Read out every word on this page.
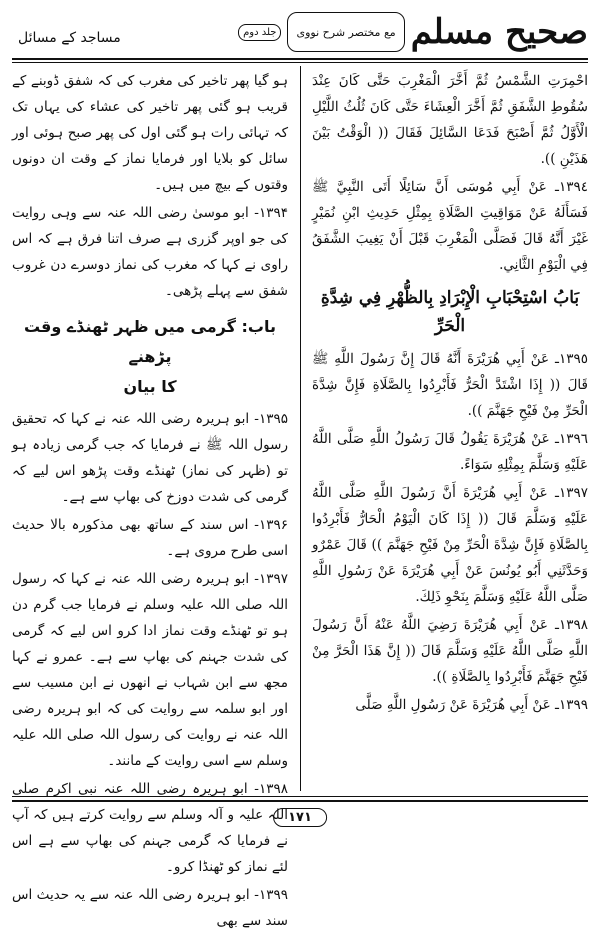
صحیح مسلم
مع مختصر شرح نووی
جلد دوم
مساجد کے مسائل

احْمِرَتِ الشَّمْسُ ثُمَّ أَخَّرَ الْمَغْرِبَ حَتَّى كَانَ عِنْدَ سُقُوطِ الشَّفَقِ ثُمَّ أَخَّرَ الْعِشَاءَ حَتَّى كَانَ ثُلُثُ اللَّيْلِ الْأَوَّلُ ثُمَّ أَصْبَحَ فَدَعَا السَّائِلَ فَقَالَ (( الْوَقْتُ بَيْنَ هَذَيْنِ )).

١٣٩٤ـ عَنْ أَبِي مُوسَى أَنَّ سَائِلًا أَتَى النَّبِيَّ ﷺ فَسَأَلَهُ عَنْ مَوَاقِيتِ الصَّلَاةِ بِمِثْلِ حَدِيثِ ابْنِ نُمَيْرٍ غَيْرَ أَنَّهُ قَالَ فَصَلَّى الْمَغْرِبَ قَبْلَ أَنْ يَغِيبَ الشَّفَقُ فِي الْيَوْمِ الثَّانِي.

بَابُ اسْتِحْبَابِ الْإِبْرَادِ بِالظُّهْرِ فِي شِدَّةِ الْحَرِّ

١٣٩٥ـ عَنْ أَبِي هُرَيْرَةَ أَنَّهُ قَالَ إِنَّ رَسُولَ اللَّهِ ﷺ قَالَ (( إِذَا اشْتَدَّ الْحَرُّ فَأَبْرِدُوا بِالصَّلَاةِ فَإِنَّ شِدَّةَ الْحَرِّ مِنْ فَيْحِ جَهَنَّمَ )).

١٣٩٦ـ عَنْ هُرَيْرَةَ يَقُولُ قَالَ رَسُولُ اللَّهِ صَلَّى اللَّهُ عَلَيْهِ وَسَلَّمَ بِمِثْلِهِ سَوَاءً.

١٣٩٧ـ عَنْ أَبِي هُرَيْرَةَ أَنَّ رَسُولَ اللَّهِ صَلَّى اللَّهُ عَلَيْهِ وَسَلَّمَ قَالَ (( إِذَا كَانَ الْيَوْمُ الْحَارُّ فَأَبْرِدُوا بِالصَّلَاةِ فَإِنَّ شِدَّةَ الْحَرِّ مِنْ فَيْحِ جَهَنَّمَ )) قَالَ عَمْرٌو وَحَدَّثَنِي أَبُو يُونُسَ عَنْ أَبِي هُرَيْرَةَ عَنْ رَسُولِ اللَّهِ صَلَّى اللَّهُ عَلَيْهِ وَسَلَّمَ بِنَحْوِ ذَلِكَ.

١٣٩٨ـ عَنْ أَبِي هُرَيْرَةَ رَضِيَ اللَّهُ عَنْهُ أَنَّ رَسُولَ اللَّهِ صَلَّى اللَّهُ عَلَيْهِ وَسَلَّمَ قَالَ (( إِنَّ هَذَا الْحَرَّ مِنْ فَيْحِ جَهَنَّمَ فَأَبْرِدُوا بِالصَّلَاةِ )).

١٣٩٩ـ عَنْ أَبِي هُرَيْرَةَ عَنْ رَسُولِ اللَّهِ صَلَّى

ہو گیا پھر تاخیر کی مغرب کی کہ شفق ڈوبنے کے قریب ہو گئی پھر تاخیر کی عشاء کی یہاں تک کہ تہائی رات ہو گئی اول کی پھر صبح ہوئی اور سائل کو بلایا اور فرمایا نماز کے وقت ان دونوں وقتوں کے بیچ میں ہیں۔

۱۳۹۴- ابو موسیٰ رضی اللہ عنہ سے وہی روایت کی جو اوپر گزری ہے صرف اتنا فرق ہے کہ اس راوی نے کہا کہ مغرب کی نماز دوسرے دن غروب شفق سے پہلے پڑھی۔

باب: گرمی میں ظہر ٹھنڈے وقت پڑھنے
کا بیان

۱۳۹۵- ابو ہریرہ رضی اللہ عنہ نے کہا کہ تحقیق رسول اللہ ﷺ نے فرمایا کہ جب گرمی زیادہ ہو تو (ظہر کی نماز) ٹھنڈے وقت پڑھو اس لیے کہ گرمی کی شدت دوزخ کی بھاپ سے ہے۔

۱۳۹۶- اس سند کے ساتھ بھی مذکورہ بالا حدیث اسی طرح مروی ہے۔

۱۳۹۷- ابو ہریرہ رضی اللہ عنہ نے کہا کہ رسول اللہ صلی اللہ علیہ وسلم نے فرمایا جب گرم دن ہو تو ٹھنڈے وقت نماز ادا کرو اس لیے کہ گرمی کی شدت جہنم کی بھاپ سے ہے۔ عمرو نے کہا مجھ سے ابن شہاب نے انھوں نے ابن مسیب سے اور ابو سلمہ سے روایت کی کہ ابو ہریرہ رضی اللہ عنہ نے روایت کی رسول اللہ صلی اللہ علیہ وسلم سے اسی روایت کے مانند۔

۱۳۹۸- ابو ہریرہ رضی اللہ عنہ نبی اکرم صلی اللہ علیہ و آلہ وسلم سے روایت کرتے ہیں کہ آپ نے فرمایا کہ گرمی جہنم کی بھاپ سے ہے اس لئے نماز کو ٹھنڈا کرو۔

۱۳۹۹- ابو ہریرہ رضی اللہ عنہ سے یہ حدیث اس سند سے بھی

۱۷۱
